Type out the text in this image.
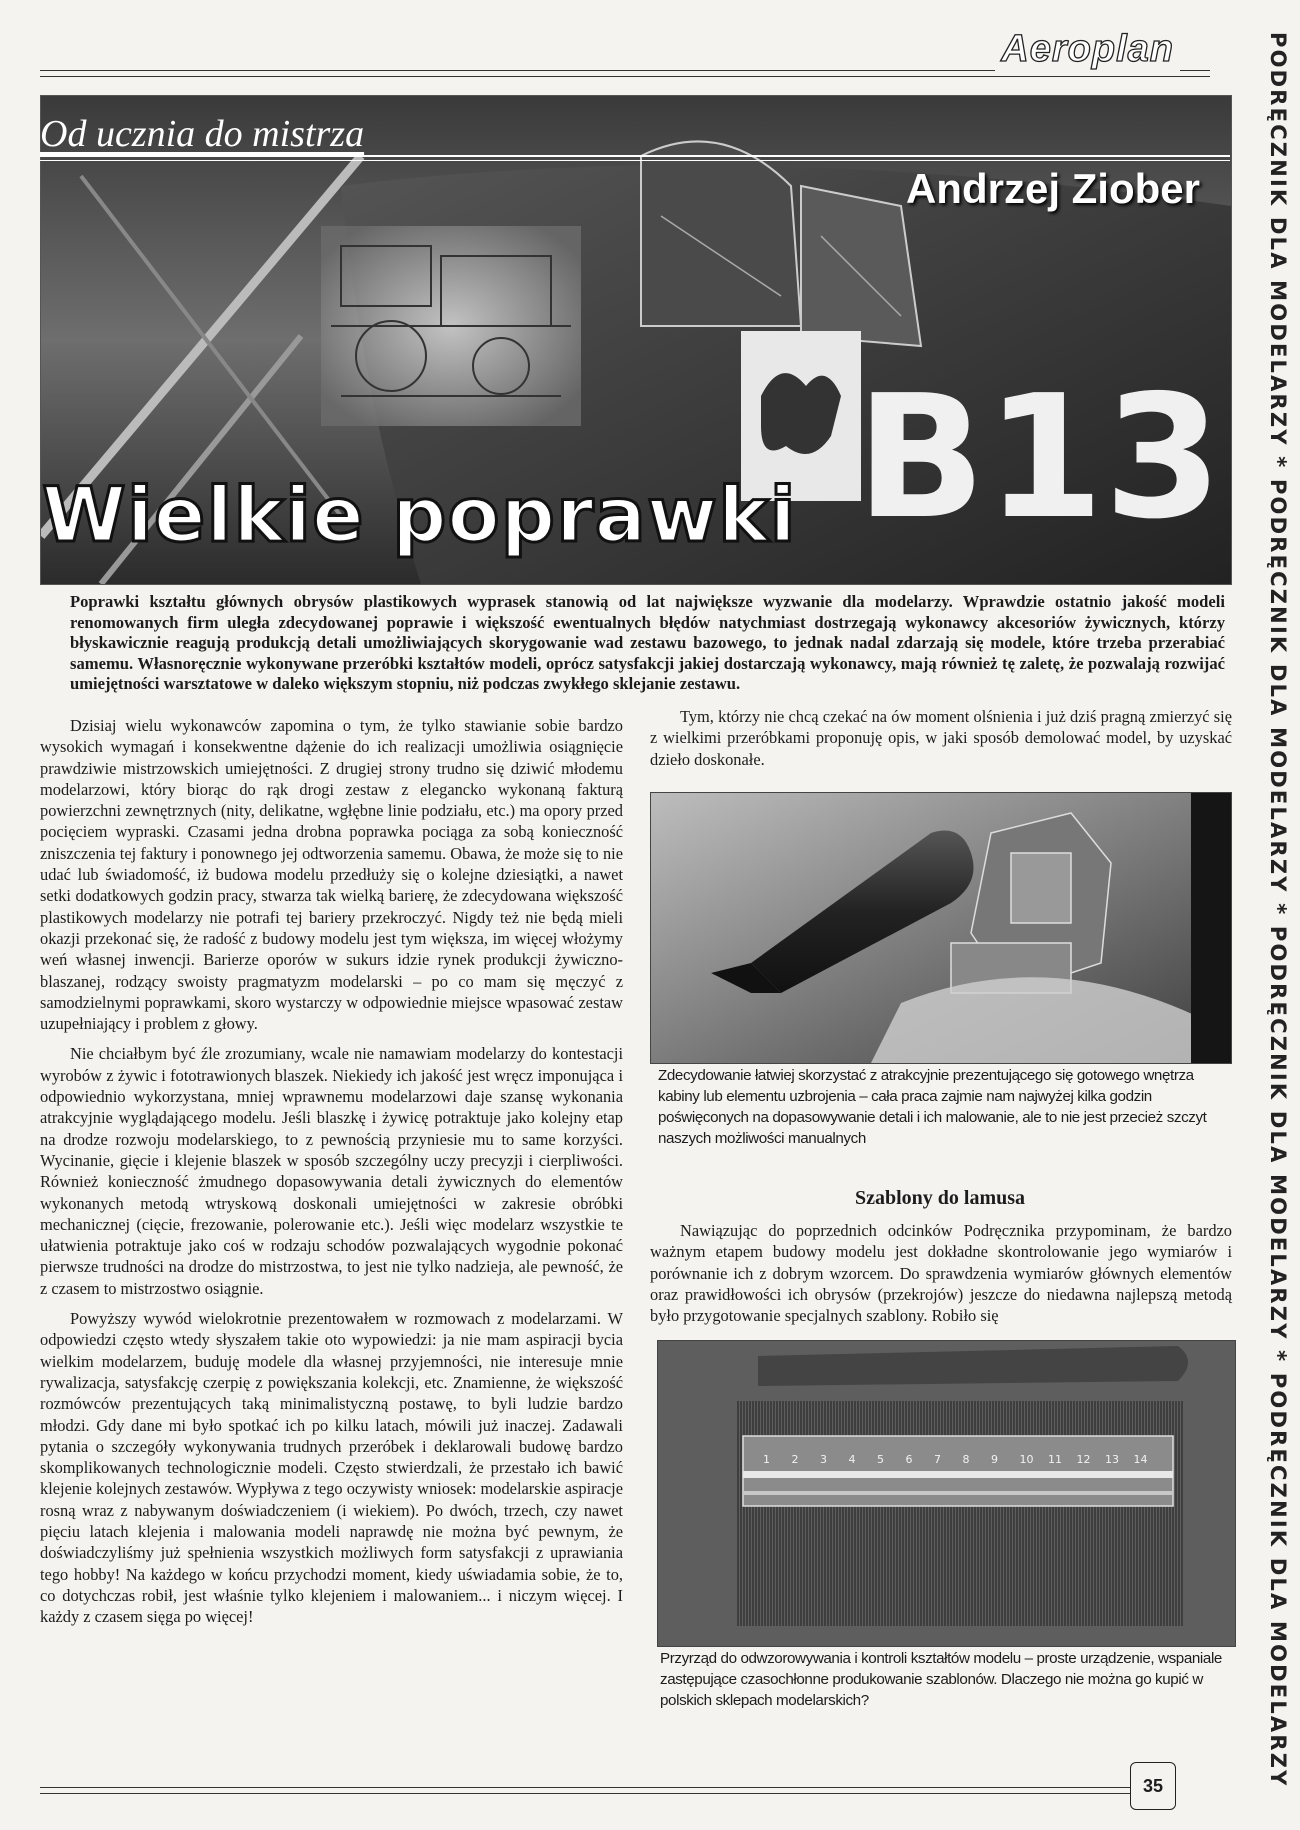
Aeroplan	PODRĘCZNIK DLA MODELARZY * PODRĘCZNIK DLA MODELARZY * PODRĘCZNIK DLA MODELARZY * PODRĘCZNIK DLA MODELARZY
B13
Od ucznia do mistrza
Andrzej Ziober
Wielkie poprawki

Poprawki kształtu głównych obrysów plastikowych wyprasek stanowią od lat największe wyzwanie dla modelarzy. Wprawdzie ostatnio jakość modeli renomowanych firm uległa zdecydowanej poprawie i większość ewentualnych błędów natychmiast dostrzegają wykonawcy akcesoriów żywicznych, którzy błyskawicznie reagują produkcją detali umożliwiających skorygowanie wad zestawu bazowego, to jednak nadal zdarzają się modele, które trzeba przerabiać samemu. Własnoręcznie wykonywane przeróbki kształtów modeli, oprócz satysfakcji jakiej dostarczają wykonawcy, mają również tę zaletę, że pozwalają rozwijać umiejętności warsztatowe w daleko większym stopniu, niż podczas zwykłego sklejanie zestawu.

Dzisiaj wielu wykonawców zapomina o tym, że tylko stawianie sobie bardzo wysokich wymagań i konsekwentne dążenie do ich realizacji umożliwia osiągnięcie prawdziwie mistrzowskich umiejętności. Z drugiej strony trudno się dziwić młodemu modelarzowi, który biorąc do rąk drogi zestaw z elegancko wykonaną fakturą powierzchni zewnętrznych (nity, delikatne, wgłębne linie podziału, etc.) ma opory przed pocięciem wypraski. Czasami jedna drobna poprawka pociąga za sobą konieczność zniszczenia tej faktury i ponownego jej odtworzenia samemu. Obawa, że może się to nie udać lub świadomość, iż budowa modelu przedłuży się o kolejne dziesiątki, a nawet setki dodatkowych godzin pracy, stwarza tak wielką barierę, że zdecydowana większość plastikowych modelarzy nie potrafi tej bariery przekroczyć. Nigdy też nie będą mieli okazji przekonać się, że radość z budowy modelu jest tym większa, im więcej włożymy weń własnej inwencji. Barierze oporów w sukurs idzie rynek produkcji żywiczno-blaszanej, rodzący swoisty pragmatyzm modelarski – po co mam się męczyć z samodzielnymi poprawkami, skoro wystarczy w odpowiednie miejsce wpasować zestaw uzupełniający i problem z głowy.

Nie chciałbym być źle zrozumiany, wcale nie namawiam modelarzy do kontestacji wyrobów z żywic i fototrawionych blaszek. Niekiedy ich jakość jest wręcz imponująca i odpowiednio wykorzystana, mniej wprawnemu modelarzowi daje szansę wykonania atrakcyjnie wyglądającego modelu. Jeśli blaszkę i żywicę potraktuje jako kolejny etap na drodze rozwoju modelarskiego, to z pewnością przyniesie mu to same korzyści. Wycinanie, gięcie i klejenie blaszek w sposób szczególny uczy precyzji i cierpliwości. Również konieczność żmudnego dopasowywania detali żywicznych do elementów wykonanych metodą wtryskową doskonali umiejętności w zakresie obróbki mechanicznej (cięcie, frezowanie, polerowanie etc.). Jeśli więc modelarz wszystkie te ułatwienia potraktuje jako coś w rodzaju schodów pozwalających wygodnie pokonać pierwsze trudności na drodze do mistrzostwa, to jest nie tylko nadzieja, ale pewność, że z czasem to mistrzostwo osiągnie.

Powyższy wywód wielokrotnie prezentowałem w rozmowach z modelarzami. W odpowiedzi często wtedy słyszałem takie oto wypowiedzi: ja nie mam aspiracji bycia wielkim modelarzem, buduję modele dla własnej przyjemności, nie interesuje mnie rywalizacja, satysfakcję czerpię z powiększania kolekcji, etc. Znamienne, że większość rozmówców prezentujących taką minimalistyczną postawę, to byli ludzie bardzo młodzi. Gdy dane mi było spotkać ich po kilku latach, mówili już inaczej. Zadawali pytania o szczegóły wykonywania trudnych przeróbek i deklarowali budowę bardzo skomplikowanych technologicznie modeli. Często stwierdzali, że przestało ich bawić klejenie kolejnych zestawów. Wypływa z tego oczywisty wniosek: modelarskie aspiracje rosną wraz z nabywanym doświadczeniem (i wiekiem). Po dwóch, trzech, czy nawet pięciu latach klejenia i malowania modeli naprawdę nie można być pewnym, że doświadczyliśmy już spełnienia wszystkich możliwych form satysfakcji z uprawiania tego hobby! Na każdego w końcu przychodzi moment, kiedy uświadamia sobie, że to, co dotychczas robił, jest właśnie tylko klejeniem i malowaniem... i niczym więcej. I każdy z czasem sięga po więcej!

Tym, którzy nie chcą czekać na ów moment olśnienia i już dziś pragną zmierzyć się z wielkimi przeróbkami proponuję opis, w jaki sposób demolować model, by uzyskać dzieło doskonałe.

Zdecydowanie łatwiej skorzystać z atrakcyjnie prezentującego się gotowego wnętrza kabiny lub elementu uzbrojenia – cała praca zajmie nam najwyżej kilka godzin poświęconych na dopasowywanie detali i ich malowanie, ale to nie jest przecież szczyt naszych możliwości manualnych
Szablony do lamusa

Nawiązując do poprzednich odcinków Podręcznika przypominam, że bardzo ważnym etapem budowy modelu jest dokładne skontrolowanie jego wymiarów i porównanie ich z dobrym wzorcem. Do sprawdzenia wymiarów głównych elementów oraz prawidłowości ich obrysów (przekrojów) jeszcze do niedawna najlepszą metodą było przygotowanie specjalnych szablony. Robiło się

1 2 3 4 5 6 7 8 9 10 11 12 13 14
Przyrząd do odwzorowywania i kontroli kształtów modelu – proste urządzenie, wspaniale zastępujące czasochłonne produkowanie szablonów. Dlaczego nie można go kupić w polskich sklepach modelarskich?
35
